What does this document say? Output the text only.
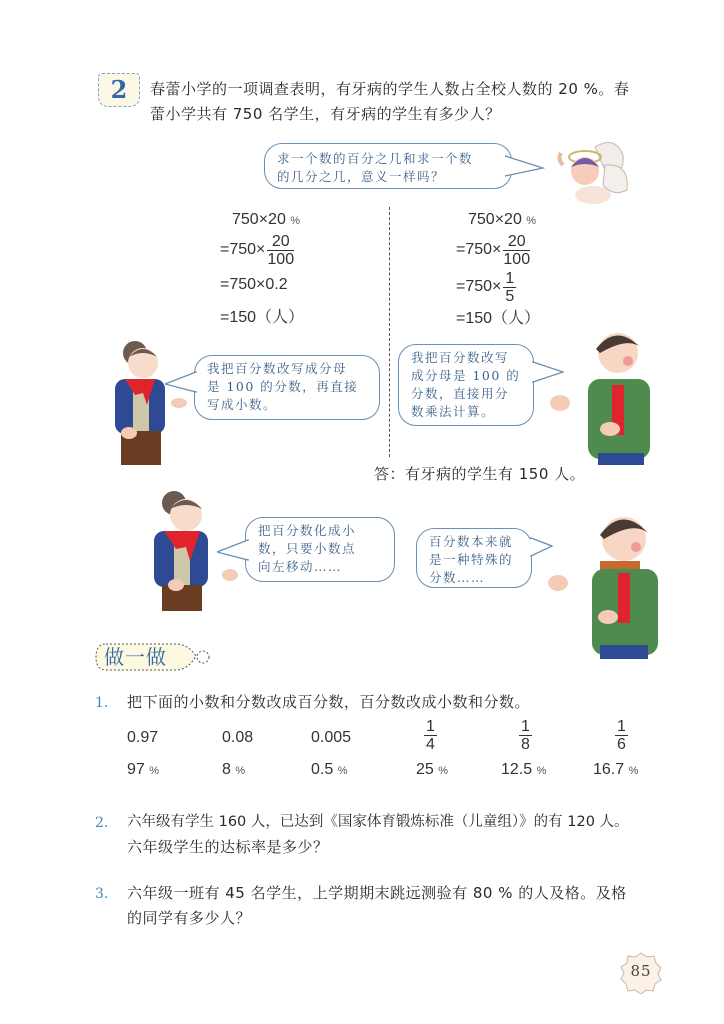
2	春蕾小学的一项调查表明，有牙病的学生人数占全校人数的 20 %。春
蕾小学共有 750 名学生，有牙病的学生有多少人？
求一个数的百分之几和求一个数
的几分之几，意义一样吗？
750×20 %
$=750\times \frac{20}{100}$
=750×0.2
=150（人）
750×20 %
$=750\times \frac{20}{100}$
$=750\times \frac{1}{5}$
=150（人）
我把百分数改写成分母
是 100 的分数，再直接
写成小数。
我把百分数改写
成分母是 100 的
分数，直接用分
数乘法计算。
答：有牙病的学生有 150 人。
把百分数化成小
数，只要小数点
向左移动……
百分数本来就
是一种特殊的
分数……
做一做
1. 把下面的小数和分数改成百分数，百分数改成小数和分数。
0.97	0.08	0.005	$\frac{1}{4}$	$\frac{1}{8}$	$\frac{1}{6}$
97 %	8 %	0.5 %	25 %	12.5 %	16.7 %
2. 六年级有学生 160 人，已达到《国家体育锻炼标准（儿童组）》的有 120 人。
六年级学生的达标率是多少？
3. 六年级一班有 45 名学生，上学期期末跳远测验有 80 % 的人及格。及格
的同学有多少人？
85
